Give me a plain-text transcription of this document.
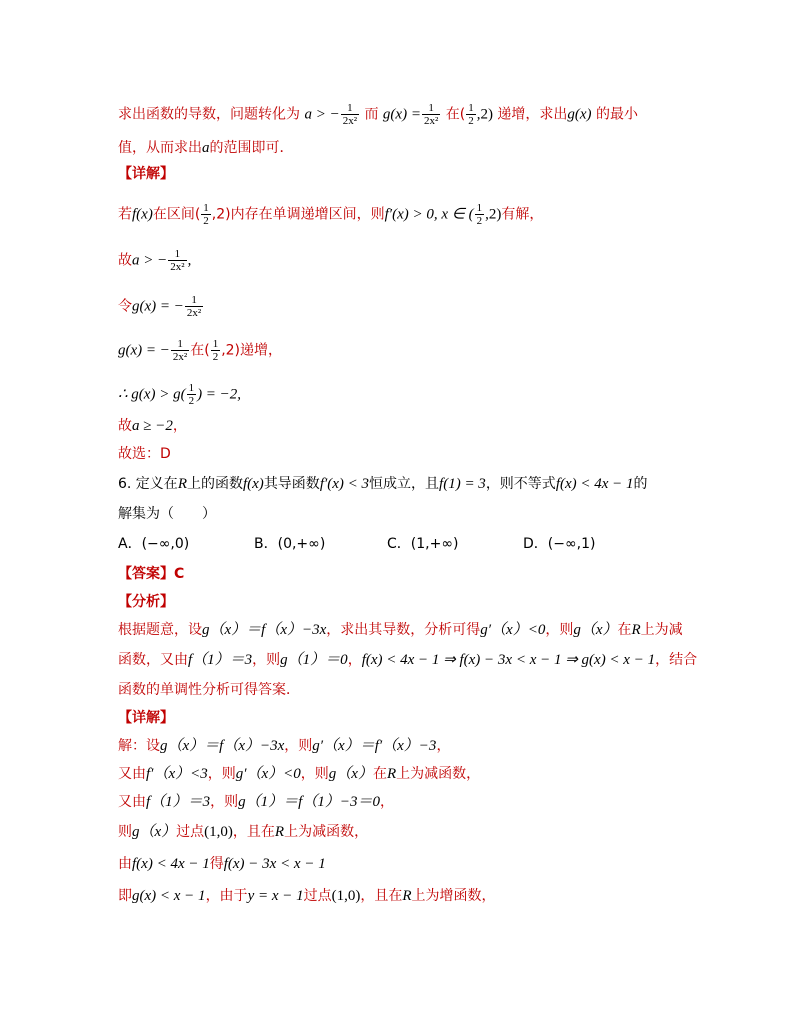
求出函数的导数，问题转化为 a > − $\frac{1}{\text{2x²}}$ 而 $g(x) = \frac{1}{\text{2x²}}$ 在( $\frac{1}{2} ,2$) 递增，求出g(x) 的最小
值，从而求出a的范围即可．
【详解】
若f(x)在区间( $\frac{1}{2} ,2$)内存在单调递增区间，则f′(x) > 0, x ∈ ( $\frac{1}{2} ,2$)有解，
故a > − $\frac{1}{\text{2x²}}$ ,
令g(x) = − $\frac{1}{\text{2x²}}$
g(x) = − $\frac{1}{\text{2x²}}$ 在( $\frac{1}{2} ,2$)递增，
∴ $g(x) > g( \frac{1}{2}$ ) = −2,
故a ≥ −2，
故选：D
6. 定义在R上的函数f(x)其导函数f′(x) < 3恒成立，且f(1) = 3，则不等式f(x) < 4x − 1的
解集为（　　）
A．(−∞,0)	B．(0,+∞)	C．(1,+∞)	D．(−∞,1)
【答案】C
【分析】
根据题意，设g（x）＝f（x）−3x，求出其导数，分析可得g′（x）<0，则g（x）在R上为减
函数，又由f（1）＝3，则g（1）＝0，f(x) < 4x − 1 ⇒ f(x) − 3x < x − 1 ⇒ g(x) < x − 1，结合
函数的单调性分析可得答案．
【详解】
解：设g（x）＝f（x）−3x，则g′（x）＝f′（x）−3，
又由f′（x）<3，则g′（x）<0，则g（x）在R上为减函数，
又由f（1）＝3，则g（1）＝f（1）−3＝0，
则g（x）过点(1,0)，且在R上为减函数，
由f(x) < 4x − 1得f(x) − 3x < x − 1
即g(x) < x − 1，由于y = x − 1过点(1,0)，且在R上为增函数，
